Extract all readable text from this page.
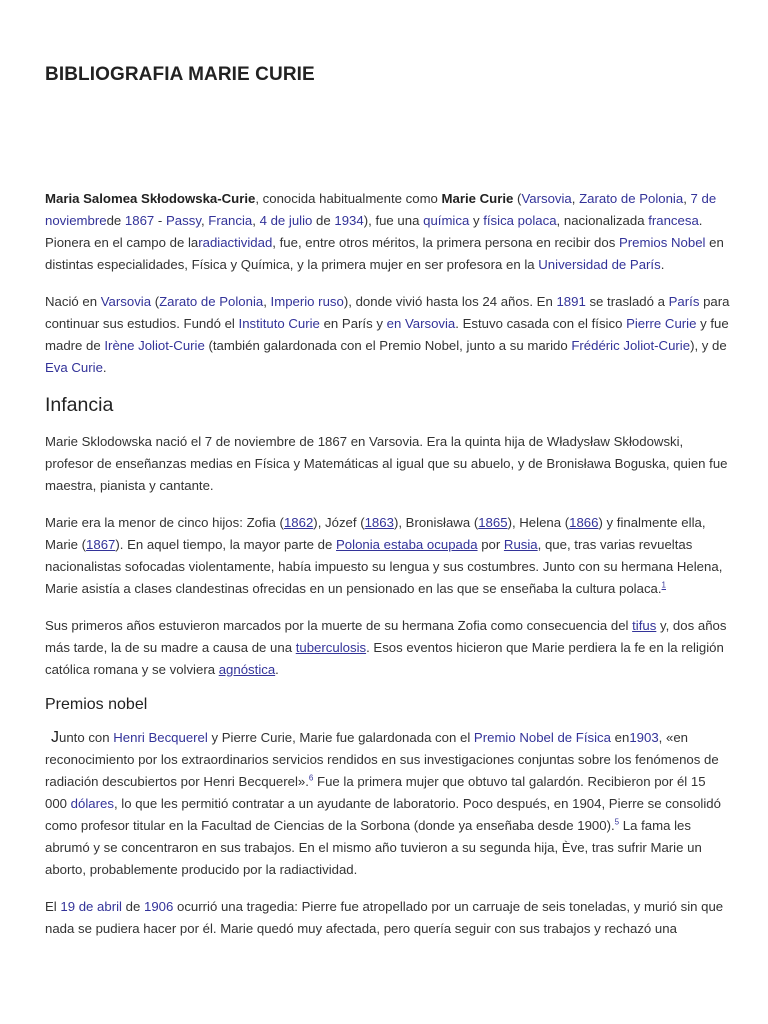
BIBLIOGRAFIA MARIE CURIE

Maria Salomea Skłodowska-Curie, conocida habitualmente como Marie Curie (Varsovia, Zarato de Polonia, 7 de noviembrede 1867 - Passy, Francia, 4 de julio de 1934), fue una química y física polaca, nacionalizada francesa. Pionera en el campo de laradiactividad, fue, entre otros méritos, la primera persona en recibir dos Premios Nobel en distintas especialidades, Física y Química, y la primera mujer en ser profesora en la Universidad de París.

Nació en Varsovia (Zarato de Polonia, Imperio ruso), donde vivió hasta los 24 años. En 1891 se trasladó a París para continuar sus estudios. Fundó el Instituto Curie en París y en Varsovia. Estuvo casada con el físico Pierre Curie y fue madre de Irène Joliot-Curie (también galardonada con el Premio Nobel, junto a su marido Frédéric Joliot-Curie), y de Eva Curie.

Infancia

Marie Sklodowska nació el 7 de noviembre de 1867 en Varsovia. Era la quinta hija de Władysław Skłodowski, profesor de enseñanzas medias en Física y Matemáticas al igual que su abuelo, y de Bronisława Boguska, quien fue maestra, pianista y cantante.

Marie era la menor de cinco hijos: Zofia (1862), Józef (1863), Bronisława (1865), Helena (1866) y finalmente ella, Marie (1867). En aquel tiempo, la mayor parte de Polonia estaba ocupada por Rusia, que, tras varias revueltas nacionalistas sofocadas violentamente, había impuesto su lengua y sus costumbres. Junto con su hermana Helena, Marie asistía a clases clandestinas ofrecidas en un pensionado en las que se enseñaba la cultura polaca.$^1$

Sus primeros años estuvieron marcados por la muerte de su hermana Zofia como consecuencia del tifus y, dos años más tarde, la de su madre a causa de una tuberculosis. Esos eventos hicieron que Marie perdiera la fe en la religión católica romana y se volviera agnóstica.

Premios nobel

Junto con Henri Becquerel y Pierre Curie, Marie fue galardonada con el Premio Nobel de Física en1903, «en reconocimiento por los extraordinarios servicios rendidos en sus investigaciones conjuntas sobre los fenómenos de radiación descubiertos por Henri Becquerel».$^6$ Fue la primera mujer que obtuvo tal galardón. Recibieron por él 15 000 dólares, lo que les permitió contratar a un ayudante de laboratorio. Poco después, en 1904, Pierre se consolidó como profesor titular en la Facultad de Ciencias de la Sorbona (donde ya enseñaba desde 1900).$^5$ La fama les abrumó y se concentraron en sus trabajos. En el mismo año tuvieron a su segunda hija, Ève, tras sufrir Marie un aborto, probablemente producido por la radiactividad.

El 19 de abril de 1906 ocurrió una tragedia: Pierre fue atropellado por un carruaje de seis toneladas, y murió sin que nada se pudiera hacer por él. Marie quedó muy afectada, pero quería seguir con sus trabajos y rechazó una
